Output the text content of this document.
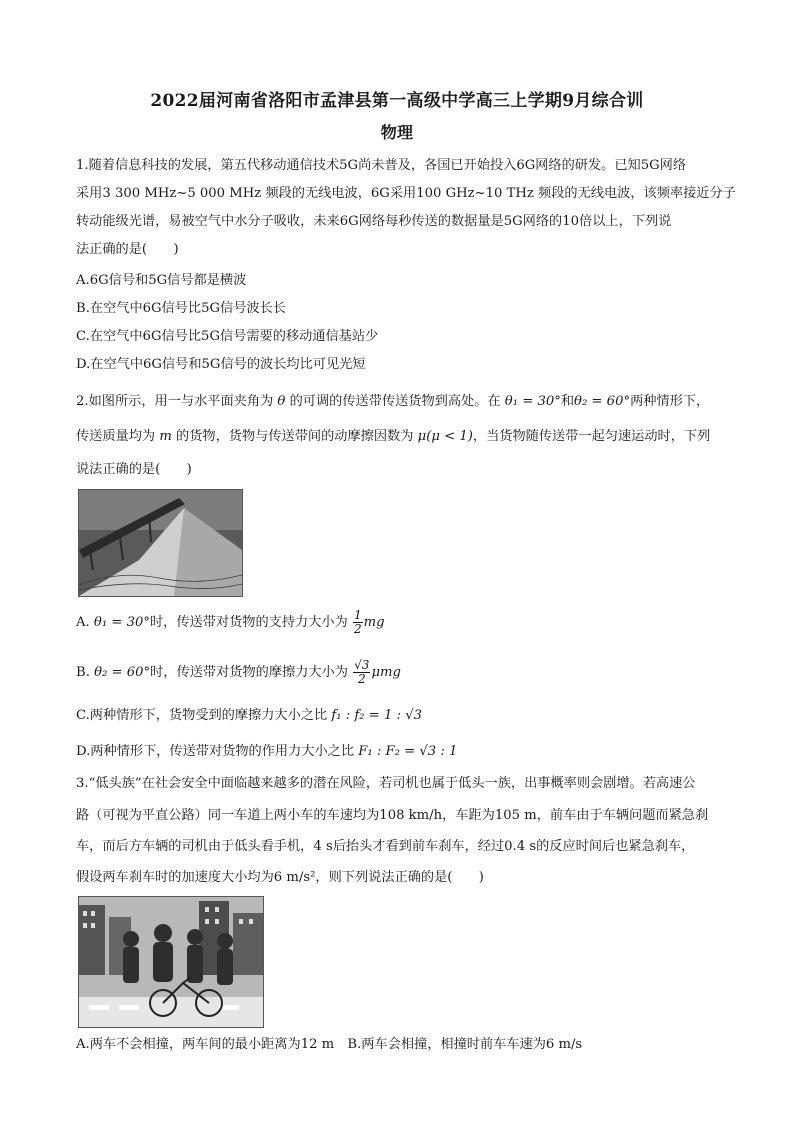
2022届河南省洛阳市孟津县第一高级中学高三上学期9月综合训
物理
1.随着信息科技的发展，第五代移动通信技术5G尚未普及，各国已开始投入6G网络的研发。已知5G网络
采用3 300 MHz~5 000 MHz 频段的无线电波，6G采用100 GHz~10 THz 频段的无线电波，该频率接近分子
转动能级光谱，易被空气中水分子吸收，未来6G网络每秒传送的数据量是5G网络的10倍以上，下列说
法正确的是(　　)
A.6G信号和5G信号都是横波
B.在空气中6G信号比5G信号波长长
C.在空气中6G信号比5G信号需要的移动通信基站少
D.在空气中6G信号和5G信号的波长均比可见光短
2.如图所示，用一与水平面夹角为 θ 的可调的传送带传送货物到高处。在 θ₁ = 30°和θ₂ = 60°两种情形下，
传送质量均为 m 的货物，货物与传送带间的动摩擦因数为 μ(μ < 1)，当货物随传送带一起匀速运动时，下列
说法正确的是(　　)
A. θ₁ = 30°时，传送带对货物的支持力大小为 $\frac{1}{2}$ mg
B. θ₂ = 60°时，传送带对货物的摩擦力大小为 $\frac{√3}{2}$ μmg
C.两种情形下，货物受到的摩擦力大小之比 f₁ : f₂ = 1 : √3
D.两种情形下，传送带对货物的作用力大小之比 F₁ : F₂ = √3 : 1
3.“低头族”在社会安全中面临越来越多的潜在风险，若司机也属于低头一族，出事概率则会剧增。若高速公
路（可视为平直公路）同一车道上两小车的车速均为108 km/h，车距为105 m，前车由于车辆问题而紧急刹
车，而后方车辆的司机由于低头看手机，4 s后抬头才看到前车刹车，经过0.4 s的反应时间后也紧急刹车，
假设两车刹车时的加速度大小均为6 m/s²，则下列说法正确的是(　　)
A.两车不会相撞，两车间的最小距离为12 m　B.两车会相撞，相撞时前车车速为6 m/s
